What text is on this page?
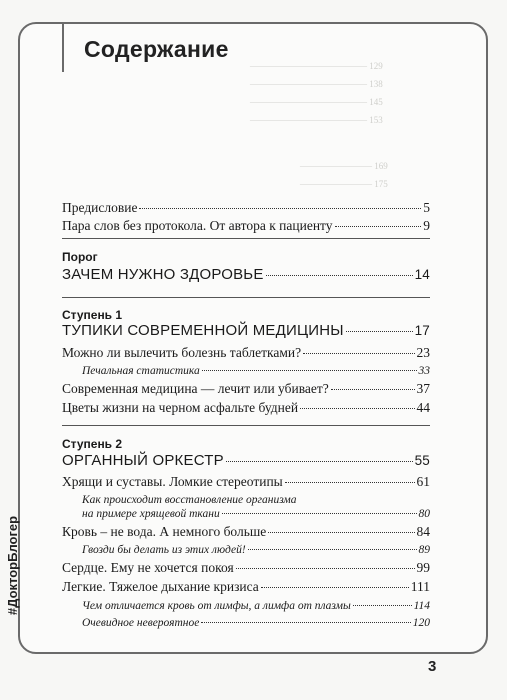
————————————— 129
————————————— 138
————————————— 145
————————————— 153
———————— 169
———————— 175
Содержание
Предисловие	5
Пара слов без протокола. От автора к пациенту	9
Порог
ЗАЧЕМ НУЖНО ЗДОРОВЬЕ	14
Ступень 1
ТУПИКИ СОВРЕМЕННОЙ МЕДИЦИНЫ	17
Можно ли вылечить болезнь таблетками?	23
Печальная статистика	33
Современная медицина — лечит или убивает?	37
Цветы жизни на черном асфальте будней	44
Ступень 2
ОРГАННЫЙ ОРКЕСТР	55
Хрящи и суставы. Ломкие стереотипы	61
Как происходит восстановление организма
на примере хрящевой ткани	80
Кровь – не вода. А немного больше	84
Гвозди бы делать из этих людей!	89
Сердце. Ему не хочется покоя	99
Легкие. Тяжелое дыхание кризиса	111
Чем отличается кровь от лимфы, а лимфа от плазмы	114
Очевидное невероятное	120
#ДокторБлогер
3
